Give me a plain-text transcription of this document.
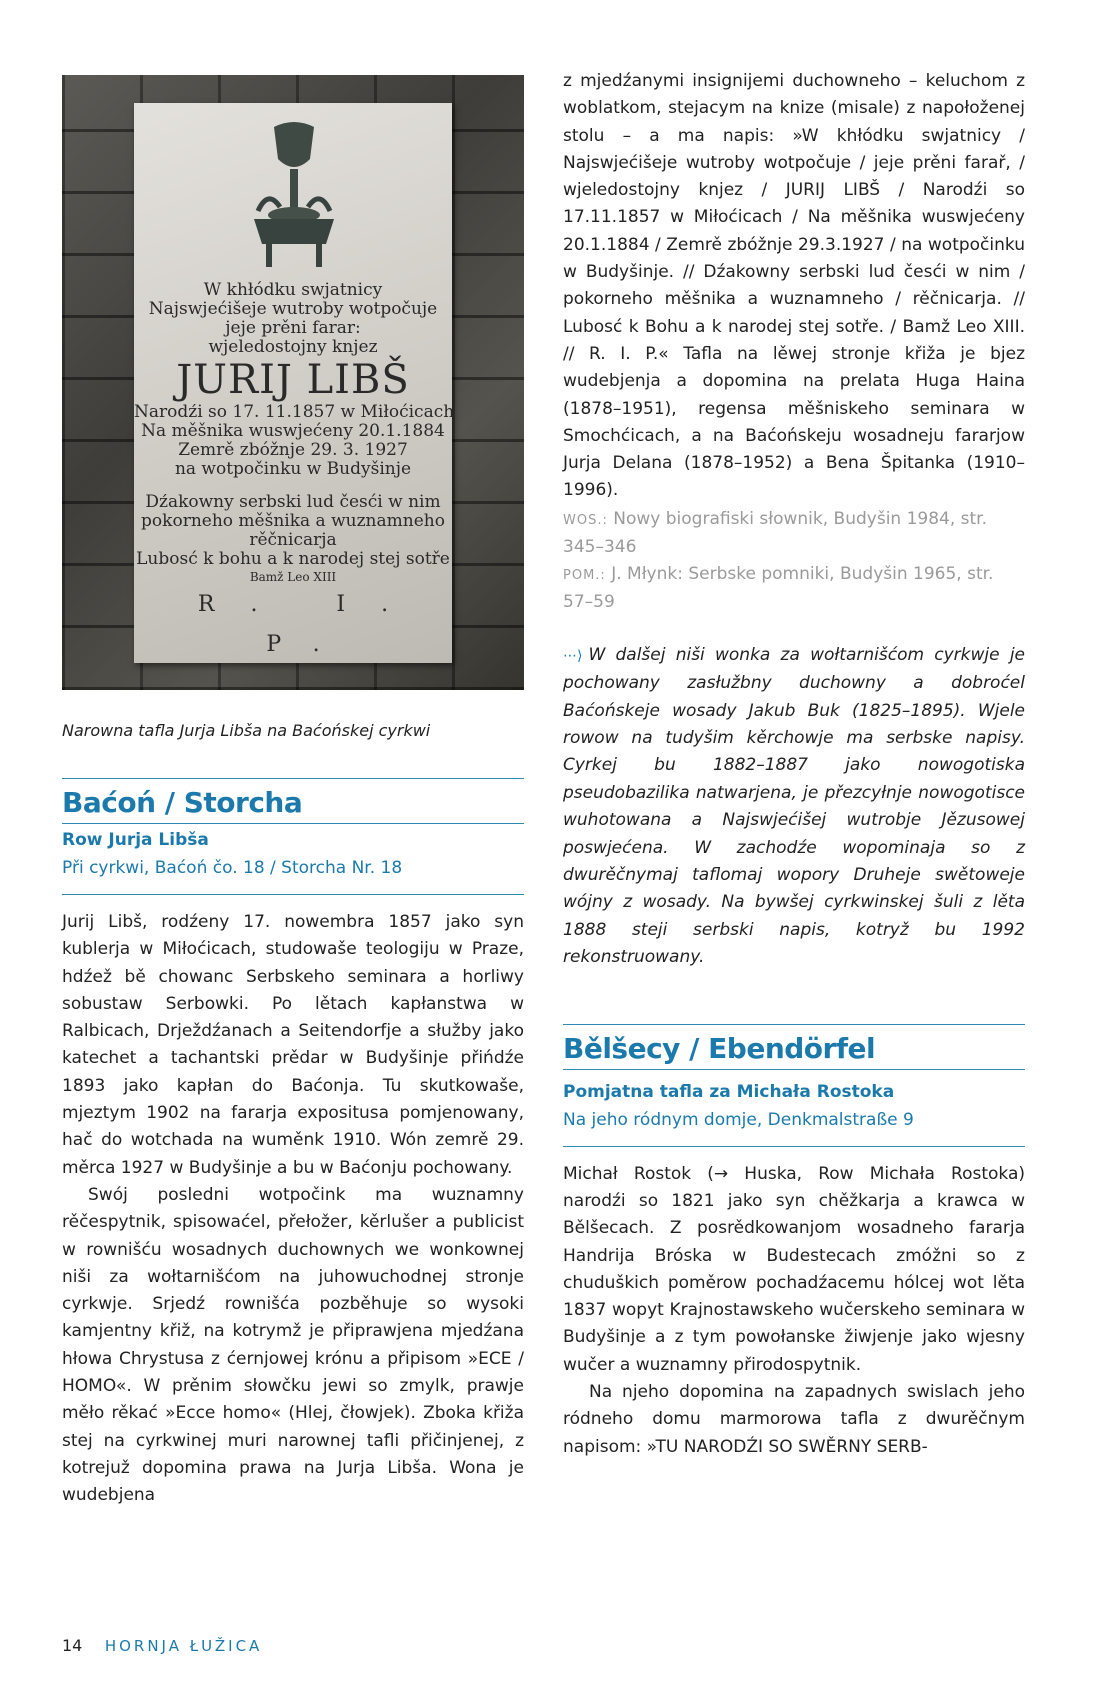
W khłódku swjatnicy
Najswjećišeje wutroby wotpočuje
jeje prěni farar:
wjeledostojny knjez
JURIJ LIBŠ
Narodźi so 17. 11.1857 w Miłoćicach
Na měšnika wuswjećeny 20.1.1884
Zemrě zbóžnje 29. 3. 1927
na wotpočinku w Budyšinje
Dźakowny serbski lud česći w nim
pokorneho měšnika a wuznamneho
rěčnicarja
Lubosć k bohu a k narodej stej sotře
Bamž Leo XIII
R. I. P.
Narowna tafla Jurja Libša na Baćońskej cyrkwi
Baćoń / Storcha
Row Jurja Libša
Při cyrkwi, Baćoń čo. 18 / Storcha Nr. 18

Jurij Libš, rodźeny 17. nowembra 1857 jako syn kublerja w Miłoćicach, studowaše teologiju w Praze, hdźež bě chowanc Serbskeho seminara a horliwy sobustaw Serbowki. Po lětach kapłanstwa w Ralbicach, Drježdźanach a Seitendorfje a słužby jako katechet a tachantski prědar w Budyšinje přińdźe 1893 jako kapłan do Baćonja. Tu skutkowaše, mjeztym 1902 na fararja expositusa pomjenowany, hač do wotchada na wuměnk 1910. Wón zemrě 29. měrca 1927 w Budyšinje a bu w Baćonju pochowany.

Swój posledni wotpočink ma wuznamny rěčespytnik, spisowaćel, přełožer, kěrlušer a publicist w rownišću wosadnych duchownych we wonkownej niši za wołtarnišćom na juhowuchodnej stronje cyrkwje. Srjedź rownišća pozběhuje so wysoki kamjentny křiž, na kotrymž je připrawjena mjedźana hłowa Chrystusa z ćernjowej krónu a připisom »ECE / HOMO«. W prěnim słowčku jewi so zmylk, prawje měło rěkać »Ecce homo« (Hlej, čłowjek). Zboka křiža stej na cyrkwinej muri narownej tafli přičinjenej, z kotrejuž dopomina prawa na Jurja Libša. Wona je wudebjena

z mjedźanymi insignijemi duchowneho – keluchom z woblatkom, stejacym na knize (misale) z napołoženej stolu – a ma napis: »W khłódku swjatnicy / Najswjećišeje wutroby wotpočuje / jeje prěni farař, / wjeledostojny knjez / JURIJ LIBŠ / Narodźi so 17.11.1857 w Miłoćicach / Na měšnika wuswjećeny 20.1.1884 / Zemrě zbóžnje 29.3.1927 / na wotpočinku w Budyšinje. // Dźakowny serbski lud česći w nim / pokorneho měšnika a wuznamneho / rěčnicarja. // Lubosć k Bohu a k narodej stej sotře. / Bamž Leo XIII. // R. I. P.« Tafla na lěwej stronje křiža je bjez wudebjenja a dopomina na prelata Huga Haina (1878–1951), regensa měšniskeho seminara w Smochćicach, a na Baćońskeju wosadneju fararjow Jurja Delana (1878–1952) a Bena Špitanka (1910–1996).

WOS.: Nowy biografiski słownik, Budyšin 1984, str. 345–346
POM.: J. Młynk: Serbske pomniki, Budyšin 1965, str. 57–59

⋯⟩ W dalšej niši wonka za wołtarnišćom cyrkwje je pochowany zasłužbny duchowny a dobroćel Baćońskeje wosady Jakub Buk (1825–1895). Wjele rowow na tudyšim kěrchowje ma serbske napisy. Cyrkej bu 1882–1887 jako nowogotiska pseudobazilika natwarjena, je přezcyłnje nowogotisce wuhotowana a Najswjećišej wutrobje Jězusowej poswjećena. W zachodźe wopominaja so z dwurěčnymaj taflomaj wopory Druheje swětoweje wójny z wosady. Na bywšej cyrkwinskej šuli z lěta 1888 steji serbski napis, kotryž bu 1992 rekonstruowany.

Bělšecy / Ebendörfel
Pomjatna tafla za Michała Rostoka
Na jeho ródnym domje, Denkmalstraße 9

Michał Rostok (→ Huska, Row Michała Rostoka) narodźi so 1821 jako syn chěžkarja a krawca w Bělšecach. Z posrědkowanjom wosadneho fararja Handrija Bróska w Budestecach zmóžni so z chuduškich poměrow pochadźacemu hólcej wot lěta 1837 wopyt Krajnostawskeho wučerskeho seminara w Budyšinje a z tym powołanske žiwjenje jako wjesny wučer a wuznamny přirodospytnik.

Na njeho dopomina na zapadnych swislach jeho ródneho domu marmorowa tafla z dwurěčnym napisom: »TU NARODŹI SO SWĚRNY SERB-

14 HORNJA ŁUŽICA
